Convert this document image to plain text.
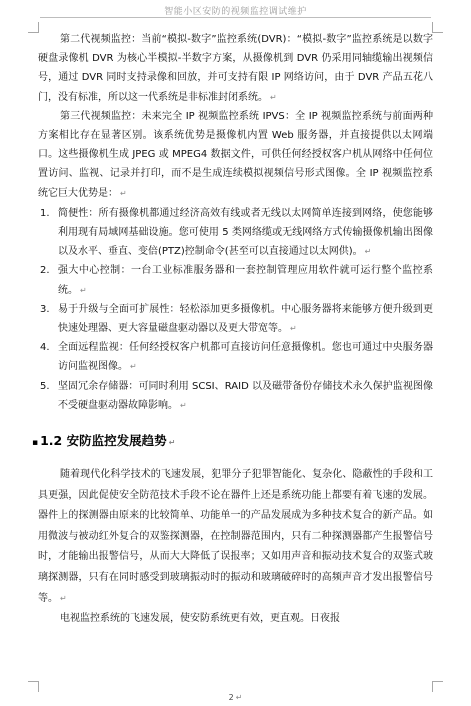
智能小区安防的视频监控调试维护

第二代视频监控：当前“模拟-数字”监控系统(DVR)：“模拟-数字”监控系统是以数字硬盘录像机 DVR 为核心半模拟-半数字方案，从摄像机到 DVR 仍采用同轴缆输出视频信号，通过 DVR 同时支持录像和回放，并可支持有限 IP 网络访问，由于 DVR 产品五花八门，没有标准，所以这一代系统是非标准封闭系统。 ↵

第三代视频监控：未来完全 IP 视频监控系统 IPVS：全 IP 视频监控系统与前面两种方案相比存在显著区别。该系统优势是摄像机内置 Web 服务器，并直接提供以太网端口。这些摄像机生成 JPEG 或 MPEG4 数据文件，可供任何经授权客户机从网络中任何位置访问、监视、记录并打印，而不是生成连续模拟视频信号形式图像。全 IP 视频监控系统它巨大优势是： ↵

1. 简便性：所有摄像机都通过经济高效有线或者无线以太网简单连接到网络，使您能够利用现有局域网基础设施。您可使用 5 类网络缆或无线网络方式传输摄像机输出图像以及水平、垂直、变倍(PTZ)控制命令(甚至可以直接通过以太网供)。 ↵
2. 强大中心控制：一台工业标准服务器和一套控制管理应用软件就可运行整个监控系统。 ↵
3. 易于升级与全面可扩展性：轻松添加更多摄像机。中心服务器将来能够方便升级到更快速处理器、更大容量磁盘驱动器以及更大带宽等。 ↵
4. 全面远程监视：任何经授权客户机都可直接访问任意摄像机。您也可通过中央服务器访问监视图像。 ↵
5. 坚固冗余存储器：可同时利用 SCSI、RAID 以及磁带备份存储技术永久保护监视图像不受硬盘驱动器故障影响。 ↵
▪ 1.2 安防监控发展趋势 ↵

随着现代化科学技术的飞速发展，犯罪分子犯罪智能化、复杂化、隐蔽性的手段和工具更强，因此促使安全防范技术手段不论在器件上还是系统功能上都要有着飞速的发展。器件上的探测器由原来的比较简单、功能单一的产品发展成为多种技术复合的新产品。如用微波与被动红外复合的双鉴探测器，在控制器范围内，只有二种探测器都产生报警信号时，才能输出报警信号，从而大大降低了误报率；又如用声音和振动技术复合的双鉴式玻璃探测器，只有在同时感受到玻璃振动时的振动和玻璃破碎时的高频声音才发出报警信号等。 ↵

电视监控系统的飞速发展，使安防系统更有效，更直观。日夜报

2 ↵
